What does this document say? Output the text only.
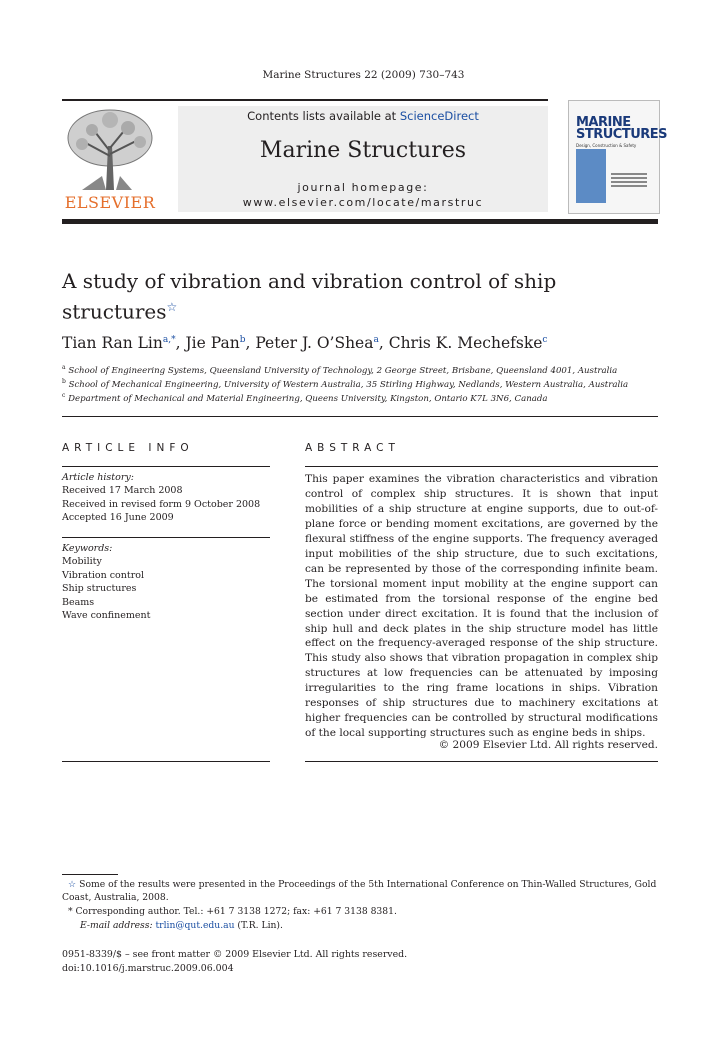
Marine Structures 22 (2009) 730–743
ELSEVIER
Contents lists available at ScienceDirect
Marine Structures
journal homepage: www.elsevier.com/locate/marstruc
MARINE STRUCTURES
Design, Construction & Safety
A study of vibration and vibration control of ship structures☆
Tian Ran Lin$^{a,*}$, Jie Pan$^b$, Peter J. O’Shea$^a$, Chris K. Mechefske$^c$
$^a$ School of Engineering Systems, Queensland University of Technology, 2 George Street, Brisbane, Queensland 4001, Australia
$^b$ School of Mechanical Engineering, University of Western Australia, 35 Stirling Highway, Nedlands, Western Australia, Australia
$^c$ Department of Mechanical and Material Engineering, Queens University, Kingston, Ontario K7L 3N6, Canada
ARTICLE INFO
Article history:
Received 17 March 2008
Received in revised form 9 October 2008
Accepted 16 June 2009
Keywords:
Mobility
Vibration control
Ship structures
Beams
Wave confinement
ABSTRACT
This paper examines the vibration characteristics and vibration control of complex ship structures. It is shown that input mobilities of a ship structure at engine supports, due to out-of-plane force or bending moment excitations, are governed by the flexural stiffness of the engine supports. The frequency averaged input mobilities of the ship structure, due to such excitations, can be represented by those of the corresponding infinite beam. The torsional moment input mobility at the engine support can be estimated from the torsional response of the engine bed section under direct excitation. It is found that the inclusion of ship hull and deck plates in the ship structure model has little effect on the frequency-averaged response of the ship structure. This study also shows that vibration propagation in complex ship structures at low frequencies can be attenuated by imposing irregularities to the ring frame locations in ships. Vibration responses of ship structures due to machinery excitations at higher frequencies can be controlled by structural modifications of the local supporting structures such as engine beds in ships.
© 2009 Elsevier Ltd. All rights reserved.
☆ Some of the results were presented in the Proceedings of the 5th International Conference on Thin-Walled Structures, Gold Coast, Australia, 2008.
* Corresponding author. Tel.: +61 7 3138 1272; fax: +61 7 3138 8381.
E-mail address: trlin@qut.edu.au (T.R. Lin).
0951-8339/$ – see front matter © 2009 Elsevier Ltd. All rights reserved.
doi:10.1016/j.marstruc.2009.06.004
